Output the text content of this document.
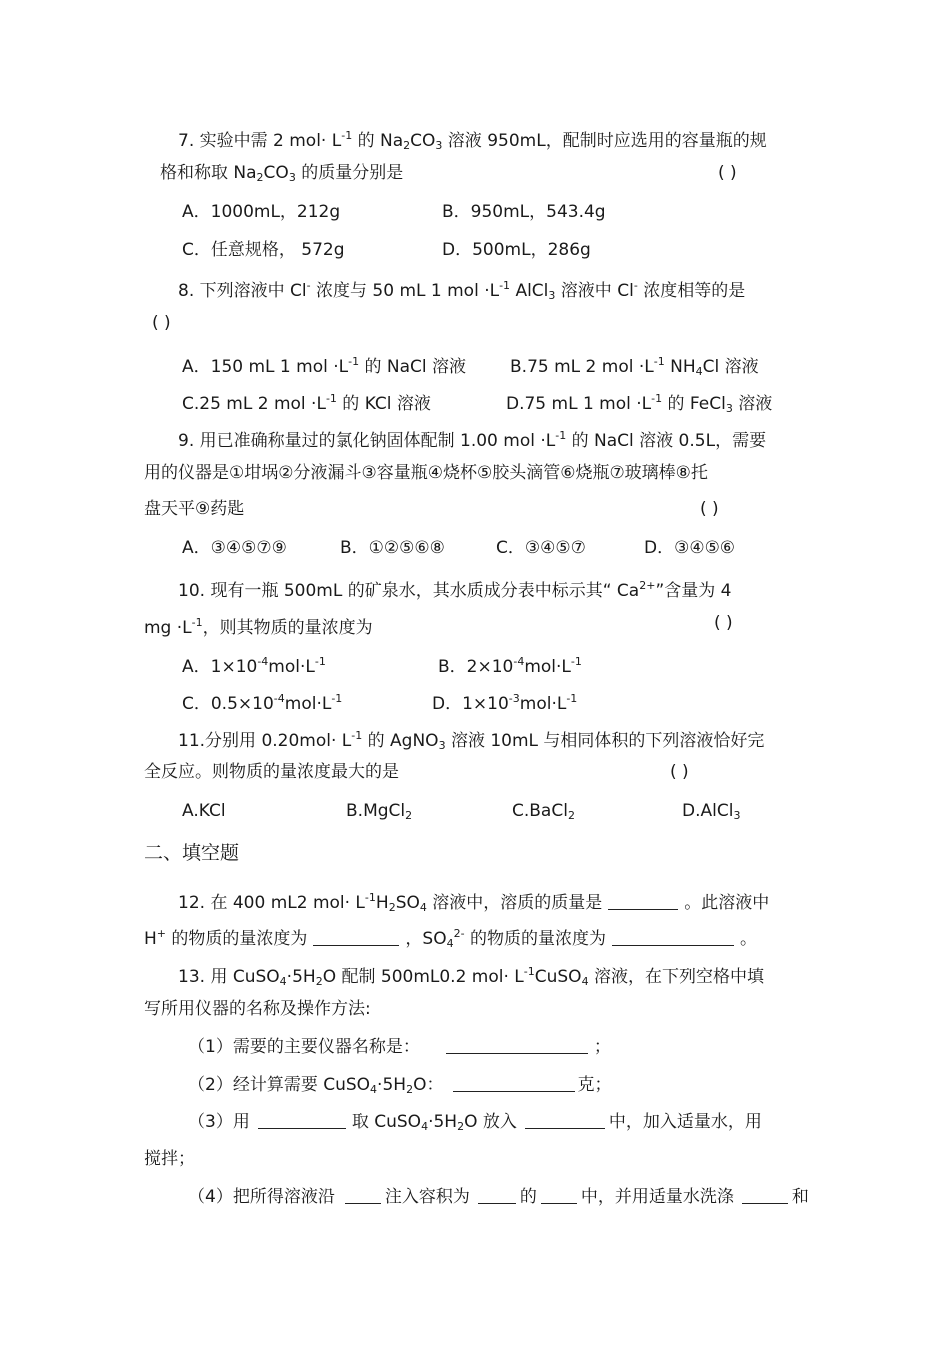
7. 实验中需 2 $mol\cdot L^{-1}$ 的 $Na_2CO_3$ 溶液 950mL，配制时应选用的容量瓶的规
格和称取 $Na_2CO_3$ 的质量分别是	( )
A．1000mL，212g	B．950mL，543.4g
C．任意规格， 572g	D．500mL，286g
8. 下列溶液中 Cl- 浓度与 50 mL 1 mol $\cdot L^{-1}$ AlCl$_3$ 溶液中 Cl- 浓度相等的是
( )
A．150 mL 1 mol $\cdot L^{-1}$ 的 NaCl 溶液	B.75 mL 2 mol $\cdot L^{-1}$ $NH_4Cl$ 溶液
C.25 mL 2 mol $\cdot L^{-1}$ 的 KCl 溶液	D.75 mL 1 mol $\cdot L^{-1}$ 的 FeCl$_3$ 溶液
9. 用已准确称量过的氯化钠固体配制 1.00 mol $\cdot L^{-1}$ 的 NaCl 溶液 0.5L，需要
用的仪器是①坩埚②分液漏斗③容量瓶④烧杯⑤胶头滴管⑥烧瓶⑦玻璃棒⑧托
盘天平⑨药匙	( )
A．③④⑤⑦⑨	B．①②⑤⑥⑧	C．③④⑤⑦	D．③④⑤⑥
10. 现有一瓶 500mL 的矿泉水，其水质成分表中标示其“ $Ca^{2+}$”含量为 4
mg $\cdot L^{-1}$，则其物质的量浓度为	( )
A．$1\times 10^{-4}mol\cdot L^{-1}$	B．$2\times 10^{-4}mol\cdot L^{-1}$
C．$0.5\times 10^{-4}mol\cdot L^{-1}$	D．$1\times 10^{-3}mol\cdot L^{-1}$
11.分别用 $0.20mol\cdot L^{-1}$ 的 AgNO$_3$ 溶液 10mL 与相同体积的下列溶液恰好完
全反应。则物质的量浓度最大的是	( )
A.KCl	B.MgCl$_2$	C.BaCl$_2$	D.AlCl$_3$
二、填空题
12. 在 400 mL2 $mol\cdot L^{-1}H_2SO_4$ 溶液中，溶质的质量是	。此溶液中
H+ 的物质的量浓度为	，$SO_4^{2-}$ 的物质的量浓度为	。
13. 用 $CuSO_4\cdot 5H_2O$ 配制 500mL0.2 $mol\cdot L^{-1}CuSO_4$ 溶液，在下列空格中填
写所用仪器的名称及操作方法:
（1）需要的主要仪器名称是：	；
（2）经计算需要 $CuSO_4\cdot 5H_2O$：	克；
（3）用	取 $CuSO_4\cdot 5H_2O$ 放入	中，加入适量水，用
搅拌；
（4）把所得溶液沿	注入容积为	的	中，并用适量水洗涤	和
